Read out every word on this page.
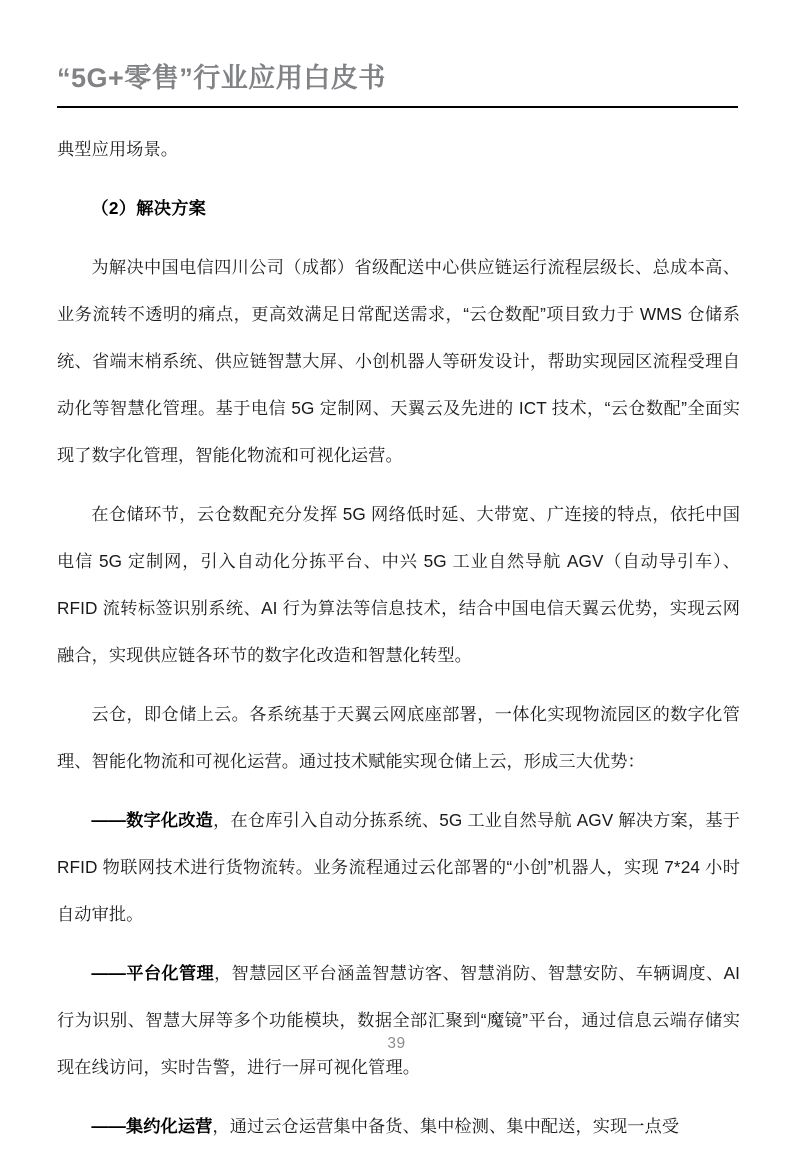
“5G+零售”行业应用白皮书

典型应用场景。

（2）解决方案

为解决中国电信四川公司（成都）省级配送中心供应链运行流程层级长、总成本高、业务流转不透明的痛点，更高效满足日常配送需求，“云仓数配”项目致力于 WMS 仓储系统、省端末梢系统、供应链智慧大屏、小创机器人等研发设计，帮助实现园区流程受理自动化等智慧化管理。基于电信 5G 定制网、天翼云及先进的 ICT 技术，“云仓数配”全面实现了数字化管理，智能化物流和可视化运营。

在仓储环节，云仓数配充分发挥 5G 网络低时延、大带宽、广连接的特点，依托中国电信 5G 定制网，引入自动化分拣平台、中兴 5G 工业自然导航 AGV（自动导引车）、RFID 流转标签识别系统、AI 行为算法等信息技术，结合中国电信天翼云优势，实现云网融合，实现供应链各环节的数字化改造和智慧化转型。

云仓，即仓储上云。各系统基于天翼云网底座部署，一体化实现物流园区的数字化管理、智能化物流和可视化运营。通过技术赋能实现仓储上云，形成三大优势：

——数字化改造，在仓库引入自动分拣系统、5G 工业自然导航 AGV 解决方案，基于 RFID 物联网技术进行货物流转。业务流程通过云化部署的“小创”机器人，实现 7*24 小时自动审批。

——平台化管理，智慧园区平台涵盖智慧访客、智慧消防、智慧安防、车辆调度、AI 行为识别、智慧大屏等多个功能模块，数据全部汇聚到“魔镜”平台，通过信息云端存储实现在线访问，实时告警，进行一屏可视化管理。

——集约化运营，通过云仓运营集中备货、集中检测、集中配送，实现一点受

39
